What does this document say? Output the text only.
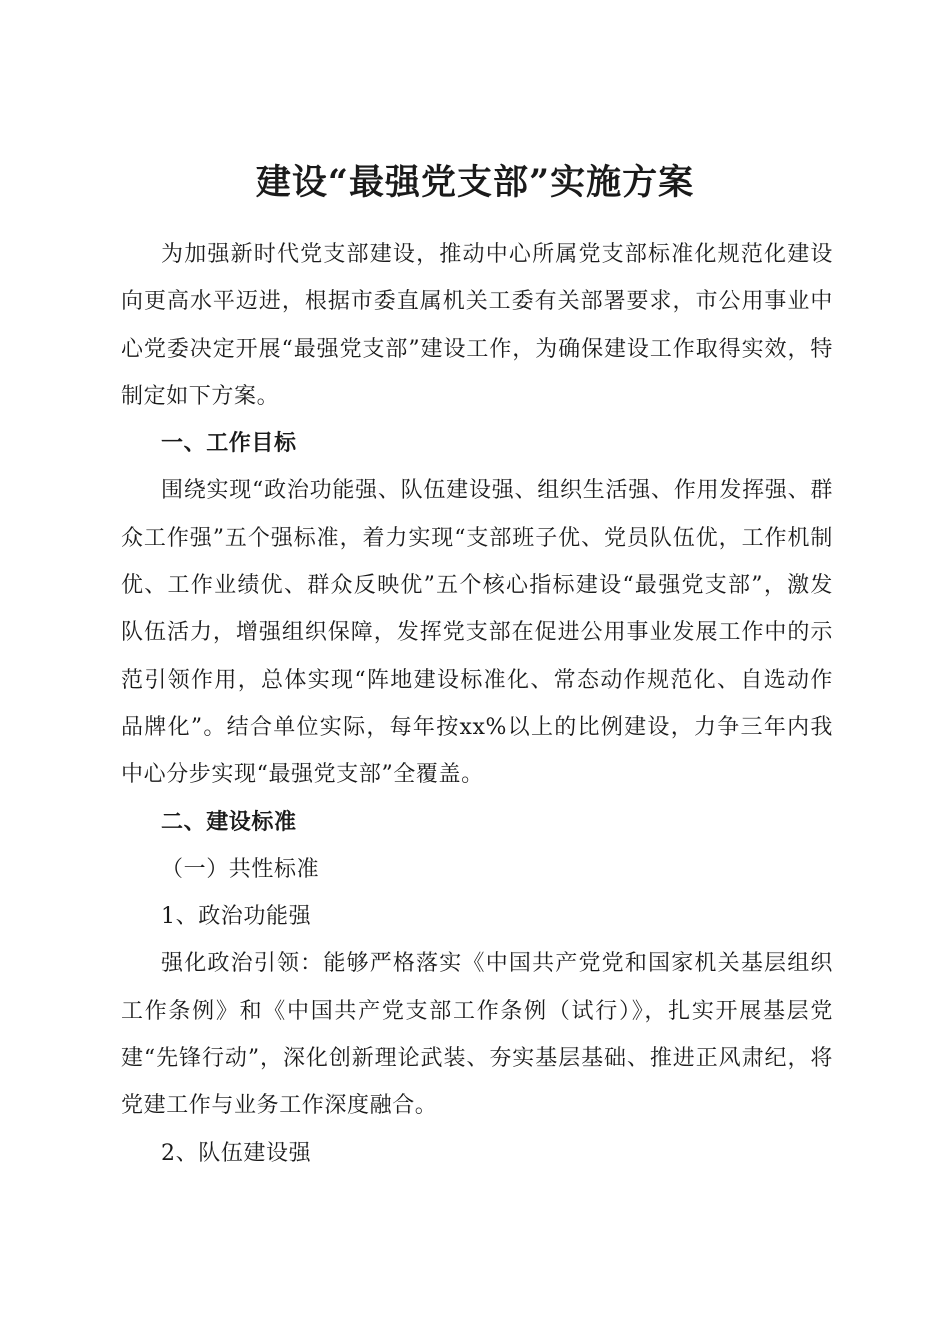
建设“最强党支部”实施方案

为加强新时代党支部建设，推动中心所属党支部标准化规范化建设向更高水平迈进，根据市委直属机关工委有关部署要求，市公用事业中心党委决定开展“最强党支部”建设工作，为确保建设工作取得实效，特制定如下方案。

一、工作目标

围绕实现“政治功能强、队伍建设强、组织生活强、作用发挥强、群众工作强”五个强标准，着力实现“支部班子优、党员队伍优，工作机制优、工作业绩优、群众反映优”五个核心指标建设“最强党支部”，激发队伍活力，增强组织保障，发挥党支部在促进公用事业发展工作中的示范引领作用，总体实现“阵地建设标准化、常态动作规范化、自选动作品牌化”。结合单位实际，每年按xx%以上的比例建设，力争三年内我中心分步实现“最强党支部”全覆盖。

二、建设标准
（一）共性标准

1、政治功能强

强化政治引领：能够严格落实《中国共产党党和国家机关基层组织工作条例》和《中国共产党支部工作条例（试行）》，扎实开展基层党建“先锋行动”，深化创新理论武装、夯实基层基础、推进正风肃纪，将党建工作与业务工作深度融合。

2、队伍建设强
